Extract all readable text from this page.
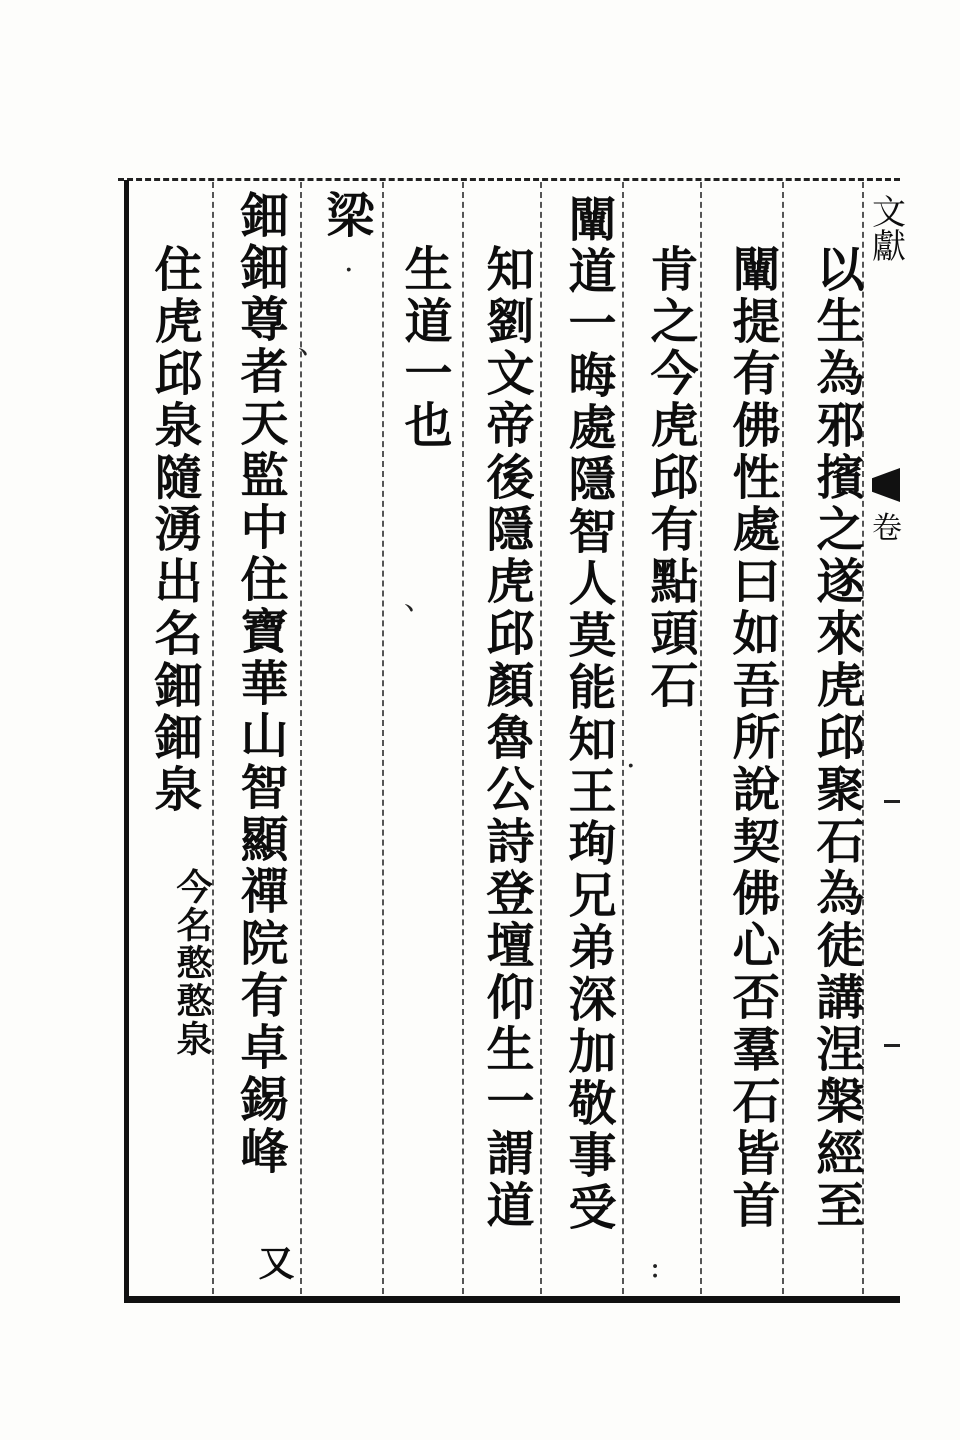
文獻
卷
以生為邪擯之遂來虎邱聚石為徒講涅槃經至
闡提有佛性處曰如吾所說契佛心否羣石皆首
肯之今虎邱有點頭石
闡道一晦處隱智人莫能知王珣兄弟深加敬事受
知劉文帝後隱虎邱顏魯公詩登壇仰生一謂道
生道一也
梁
鈿鈿尊者天監中住寶華山智顯禪院有卓錫峰
住虎邱泉隨湧出名鈿鈿泉
又
今名憨憨泉
、
、
.
.
:
